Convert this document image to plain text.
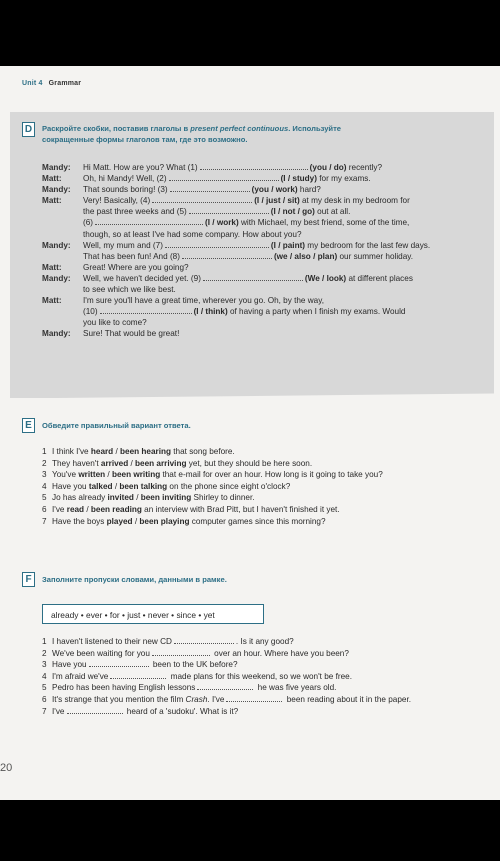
Unit 4 Grammar
D	Раскройте скобки, поставив глаголы в present perfect continuous. Используйте
сокращенные формы глаголов там, где это возможно.
Mandy:	Hi Matt. How are you? What (1)	(you / do) recently?
Matt:	Oh, hi Mandy! Well, (2)	(I / study) for my exams.
Mandy:	That sounds boring! (3)	(you / work) hard?
Matt:	Very! Basically, (4)	(I / just / sit) at my desk in my bedroom for
the past three weeks and (5)	(I / not / go) out at all.
(6)	(I / work) with Michael, my best friend, some of the time,
though, so at least I've had some company. How about you?
Mandy:	Well, my mum and (7)	(I / paint) my bedroom for the last few days.
That has been fun! And (8)	(we / also / plan) our summer holiday.
Matt:	Great! Where are you going?
Mandy:	Well, we haven't decided yet. (9)	(We / look) at different places
to see which we like best.
Matt:	I'm sure you'll have a great time, wherever you go. Oh, by the way,
(10)	(I / think) of having a party when I finish my exams. Would
you like to come?
Mandy:	Sure! That would be great!
E	Обведите правильный вариант ответа.
1 I think I've heard / been hearing that song before.
2 They haven't arrived / been arriving yet, but they should be here soon.
3 You've written / been writing that e-mail for over an hour. How long is it going to take you?
4 Have you talked / been talking on the phone since eight o'clock?
5 Jo has already invited / been inviting Shirley to dinner.
6 I've read / been reading an interview with Brad Pitt, but I haven't finished it yet.
7 Have the boys played / been playing computer games since this morning?
F	Заполните пропуски словами, данными в рамке.
already • ever • for • just • never • since • yet
1 I haven't listened to their new CD	. Is it any good?
2 We've been waiting for you	over an hour. Where have you been?
3 Have you	been to the UK before?
4 I'm afraid we've	made plans for this weekend, so we won't be free.
5 Pedro has been having English lessons	he was five years old.
6 It's strange that you mention the film Crash. I've	been reading about it in the paper.
7 I've	heard of a 'sudoku'. What is it?
20
